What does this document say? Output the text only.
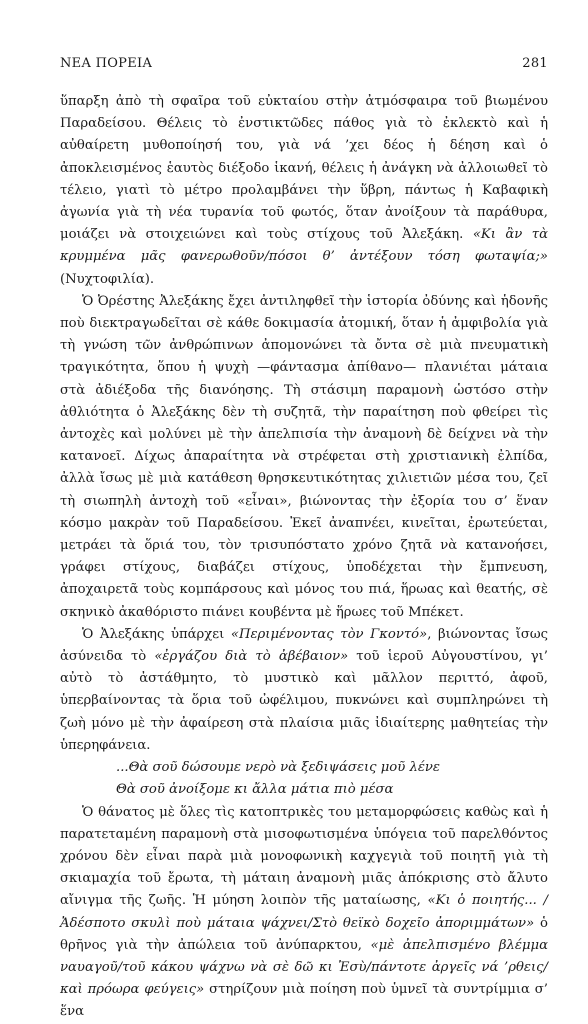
ΝΕΑ ΠΟΡΕΙΑ	281

ὕπαρξη ἀπὸ τὴ σφαῖρα τοῦ εὐκταίου στὴν ἀτμόσφαιρα τοῦ βιωμένου Παραδείσου. Θέλεις τὸ ἐνστικτῶδες πάθος γιὰ τὸ ἐκλεκτὸ καὶ ἡ αὐθαίρετη μυθοποίησή του, γιὰ νά ’χει δέος ἡ δέηση καὶ ὁ ἀποκλεισμένος ἑαυτὸς διέξοδο ἱκανή, θέλεις ἡ ἀνάγκη νὰ ἀλλοιωθεῖ τὸ τέλειο, γιατὶ τὸ μέτρο προλαμβάνει τὴν ὕβρη, πάντως ἡ Καβαφικὴ ἀγωνία γιὰ τὴ νέα τυρανία τοῦ φωτός, ὅταν ἀνοίξουν τὰ παράθυρα, μοιάζει νὰ στοιχειώνει καὶ τοὺς στίχους τοῦ Ἀλεξάκη. «Κι ἂν τὰ κρυμμένα μᾶς φανερωθοῦν/πόσοι θ’ ἀντέξουν τόση φωταψία;» (Νυχτοφιλία).

Ὁ Ὀρέστης Ἀλεξάκης ἔχει ἀντιληφθεῖ τὴν ἱστορία ὀδύνης καὶ ἡδονῆς ποὺ διεκτραγωδεῖται σὲ κάθε δοκιμασία ἀτομική, ὅταν ἡ ἀμφιβολία γιὰ τὴ γνώση τῶν ἀνθρώπινων ἀπομονώνει τὰ ὄντα σὲ μιὰ πνευματικὴ τραγικότητα, ὅπου ἡ ψυχὴ —φάντασμα ἀπίθανο— πλανιέται μάταια στὰ ἀδιέξοδα τῆς διανόησης. Τὴ στάσιμη παραμονὴ ὡστόσο στὴν ἀθλιότητα ὁ Ἀλεξάκης δὲν τὴ συζητᾶ, τὴν παραίτηση ποὺ φθείρει τὶς ἀντοχὲς καὶ μολύνει μὲ τὴν ἀπελπισία τὴν ἀναμονὴ δὲ δείχνει νὰ τὴν κατανοεῖ. Δίχως ἀπαραίτητα νὰ στρέφεται στὴ χριστιανικὴ ἐλπίδα, ἀλλὰ ἴσως μὲ μιὰ κατάθεση θρησκευτικότητας χιλιετιῶν μέσα του, ζεῖ τὴ σιωπηλὴ ἀντοχὴ τοῦ «εἶναι», βιώνοντας τὴν ἐξορία του σ’ ἕναν κόσμο μακρὰν τοῦ Παραδείσου. Ἐκεῖ ἀναπνέει, κινεῖται, ἐρωτεύεται, μετράει τὰ ὅριά του, τὸν τρισυπόστατο χρόνο ζητᾶ νὰ κατανοήσει, γράφει στίχους, διαβάζει στίχους, ὑποδέχεται τὴν ἔμπνευση, ἀποχαιρετᾶ τοὺς κομπάρσους καὶ μόνος του πιά, ἥρωας καὶ θεατής, σὲ σκηνικὸ ἀκαθόριστο πιάνει κουβέντα μὲ ἥρωες τοῦ Μπέκετ.

Ὁ Ἀλεξάκης ὑπάρχει «Περιμένοντας τὸν Γκοντό», βιώνοντας ἴσως ἀσύνειδα τὸ «ἐργάζου διὰ τὸ ἀβέβαιον» τοῦ ἱεροῦ Αὐγουστίνου, γι’ αὐτὸ τὸ ἀστάθμητο, τὸ μυστικὸ καὶ μᾶλλον περιττό, ἀφοῦ, ὑπερβαίνοντας τὰ ὅρια τοῦ ὠφέλιμου, πυκνώνει καὶ συμπληρώνει τὴ ζωὴ μόνο μὲ τὴν ἀφαίρεση στὰ πλαίσια μιᾶς ἰδιαίτερης μαθητείας τὴν ὑπερηφάνεια.

...Θὰ σοῦ δώσουμε νερὸ νὰ ξεδιψάσεις μοῦ λένε

Θὰ σοῦ ἀνοίξομε κι ἄλλα μάτια πιὸ μέσα

Ὁ θάνατος μὲ ὅλες τὶς κατοπτρικὲς του μεταμορφώσεις καθὼς καὶ ἡ παρατεταμένη παραμονὴ στὰ μισοφωτισμένα ὑπόγεια τοῦ παρελθόντος χρόνου δὲν εἶναι παρὰ μιὰ μονοφωνικὴ καχγεγιὰ τοῦ ποιητῆ γιὰ τὴ σκιαμαχία τοῦ ἔρωτα, τὴ μάταιη ἀναμονὴ μιᾶς ἀπόκρισης στὸ ἄλυτο αἴνιγμα τῆς ζωῆς. Ἡ μύηση λοιπὸν τῆς ματαίωσης, «Κι ὁ ποιητής... /Ἀδέσποτο σκυλὶ ποὺ μάταια ψάχνει/Στὸ θεϊκὸ δοχεῖο ἀποριμμάτων» ὁ θρῆνος γιὰ τὴν ἀπώλεια τοῦ ἀνύπαρκτου, «μὲ ἀπελπισμένο βλέμμα ναυαγοῦ/τοῦ κάκου ψάχνω νὰ σὲ δῶ κι Ἐσὺ/πάντοτε ἀργεῖς νά ’ρθεις/καὶ πρόωρα φεύγεις» στηρίζουν μιὰ ποίηση ποὺ ὑμνεῖ τὰ συντρίμμια σ’ ἕνα
